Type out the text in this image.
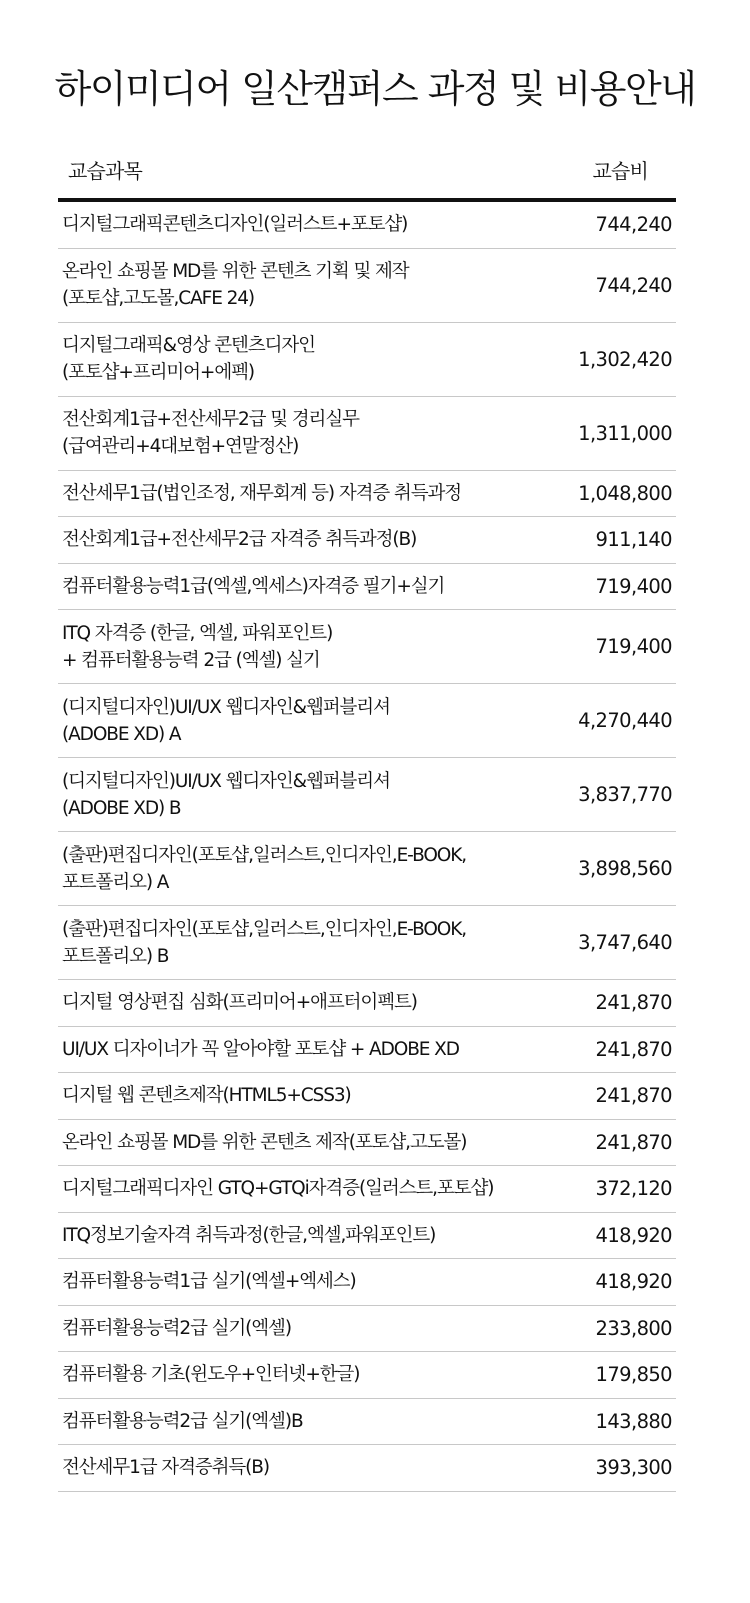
하이미디어 일산캠퍼스 과정 및 비용안내
교습과목	교습비
디지털그래픽콘텐츠디자인(일러스트+포토샵)	744,240
온라인 쇼핑몰 MD를 위한 콘텐츠 기획 및 제작
(포토샵,고도몰,CAFE 24)
744,240
디지털그래픽&영상 콘텐츠디자인
(포토샵+프리미어+에펙)
1,302,420
전산회계1급+전산세무2급 및 경리실무
(급여관리+4대보험+연말정산)
1,311,000
전산세무1급(법인조정, 재무회계 등) 자격증 취득과정	1,048,800
전산회계1급+전산세무2급 자격증 취득과정(B)	911,140
컴퓨터활용능력1급(엑셀,엑세스)자격증 필기+실기	719,400
ITQ 자격증 (한글, 엑셀, 파워포인트)
+ 컴퓨터활용능력 2급 (엑셀) 실기
719,400
(디지털디자인)UI/UX 웹디자인&웹퍼블리셔
(ADOBE XD) A
4,270,440
(디지털디자인)UI/UX 웹디자인&웹퍼블리셔
(ADOBE XD) B
3,837,770
(출판)편집디자인(포토샵,일러스트,인디자인,E-BOOK,
포트폴리오) A
3,898,560
(출판)편집디자인(포토샵,일러스트,인디자인,E-BOOK,
포트폴리오) B
3,747,640
디지털 영상편집 심화(프리미어+애프터이펙트)	241,870
UI/UX 디자이너가 꼭 알아야할 포토샵 + ADOBE XD	241,870
디지털 웹 콘텐츠제작(HTML5+CSS3)	241,870
온라인 쇼핑몰 MD를 위한 콘텐츠 제작(포토샵,고도몰)	241,870
디지털그래픽디자인 GTQ+GTQi자격증(일러스트,포토샵)	372,120
ITQ정보기술자격 취득과정(한글,엑셀,파워포인트)	418,920
컴퓨터활용능력1급 실기(엑셀+엑세스)	418,920
컴퓨터활용능력2급 실기(엑셀)	233,800
컴퓨터활용 기초(윈도우+인터넷+한글)	179,850
컴퓨터활용능력2급 실기(엑셀)B	143,880
전산세무1급 자격증취득(B)	393,300
